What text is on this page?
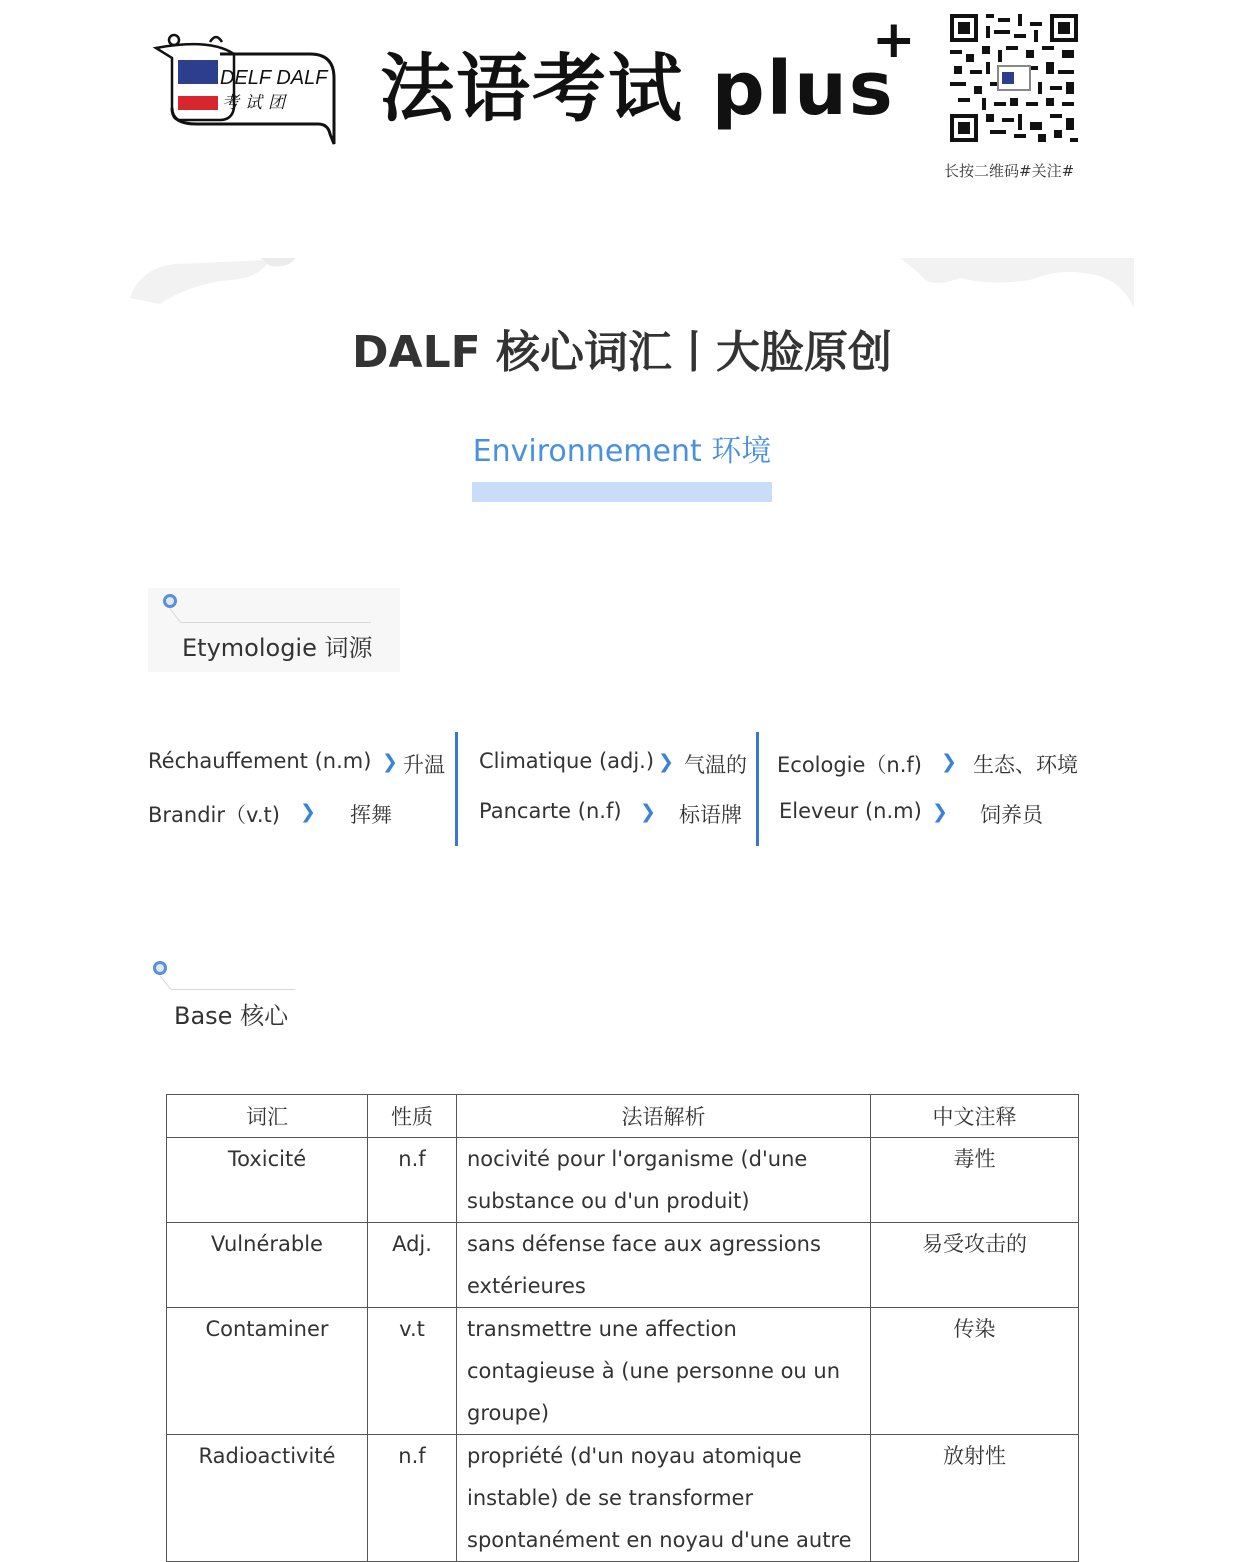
DELF DALF
考试团 法语考试 plus
+
长按二维码#关注#
DALF 核心词汇丨大脸原创
Environnement 环境
Etymologie 词源
Réchauffement (n.m) ❯ 升温
Brandir（v.t) ❯ 挥舞
Climatique (adj.) ❯ 气温的
Pancarte (n.f) ❯ 标语牌
Ecologie（n.f) ❯ 生态、环境
Eleveur (n.m) ❯ 饲养员
Base 核心
词汇	性质	法语解析	中文注释
Toxicité	n.f	nocivité pour l'organisme (d'une substance ou d'un produit)	毒性
Vulnérable	Adj.	sans défense face aux agressions extérieures	易受攻击的
Contaminer	v.t	transmettre une affection contagieuse à (une personne ou un groupe)	传染
Radioactivité	n.f	propriété (d'un noyau atomique instable) de se transformer spontanément en noyau d'une autre	放射性
